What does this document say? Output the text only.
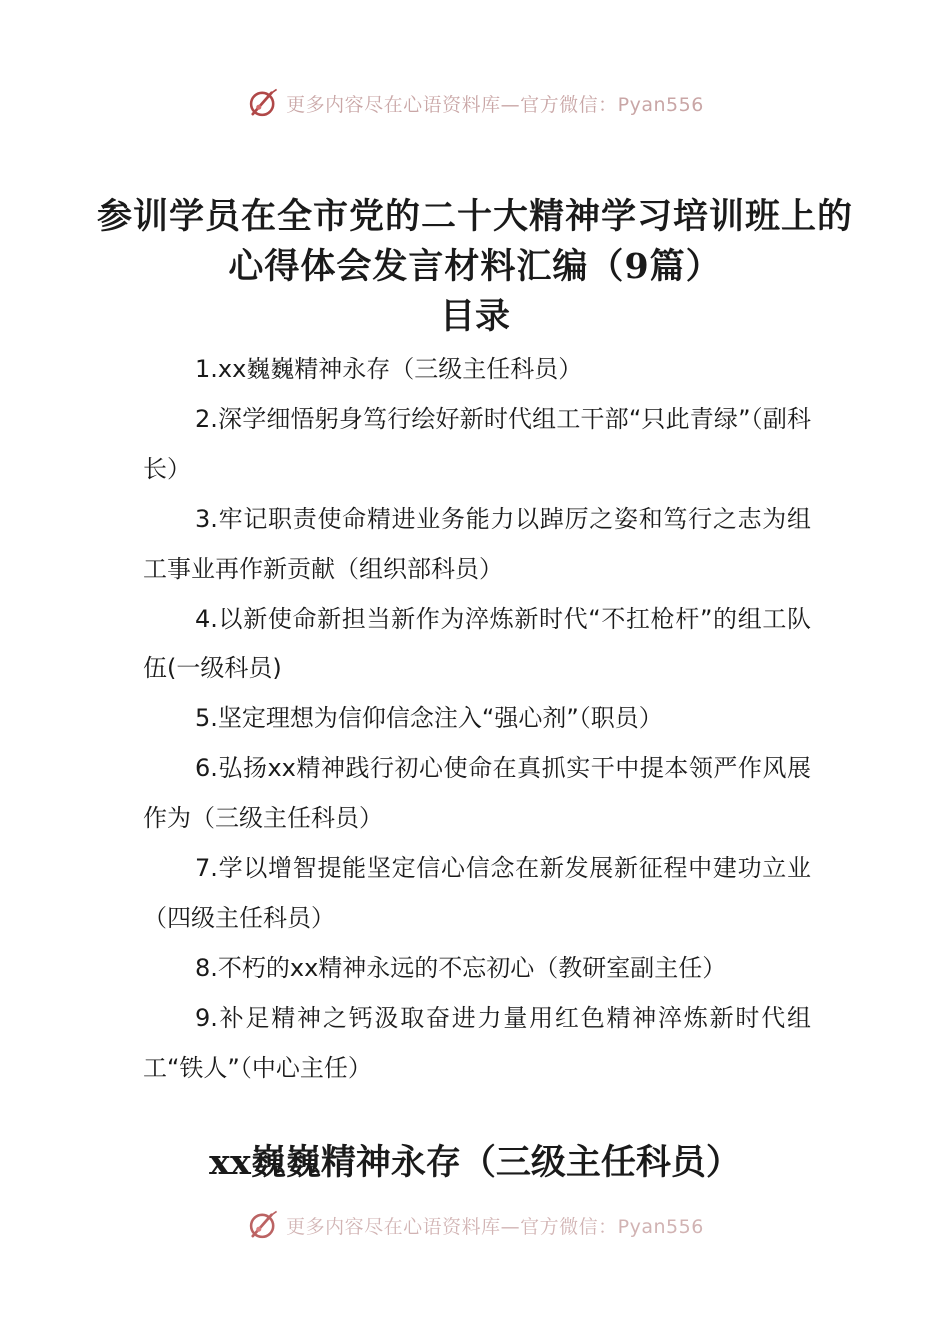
更多内容尽在心语资料库—官方微信：Pyan556
参训学员在全市党的二十大精神学习培训班上的心得体会发言材料汇编（9篇）
目录
1.xx巍巍精神永存（三级主任科员）
2.深学细悟躬身笃行绘好新时代组工干部“只此青绿”（副科长）
3.牢记职责使命精进业务能力以踔厉之姿和笃行之志为组工事业再作新贡献（组织部科员）
4.以新使命新担当新作为淬炼新时代“不扛枪杆”的组工队伍(一级科员)
5.坚定理想为信仰信念注入“强心剂”（职员）
6.弘扬xx精神践行初心使命在真抓实干中提本领严作风展作为（三级主任科员）
7.学以增智提能坚定信心信念在新发展新征程中建功立业（四级主任科员）
8.不朽的xx精神永远的不忘初心（教研室副主任）
9.补足精神之钙汲取奋进力量用红色精神淬炼新时代组工“铁人”（中心主任）
xx巍巍精神永存（三级主任科员）
更多内容尽在心语资料库—官方微信：Pyan556
